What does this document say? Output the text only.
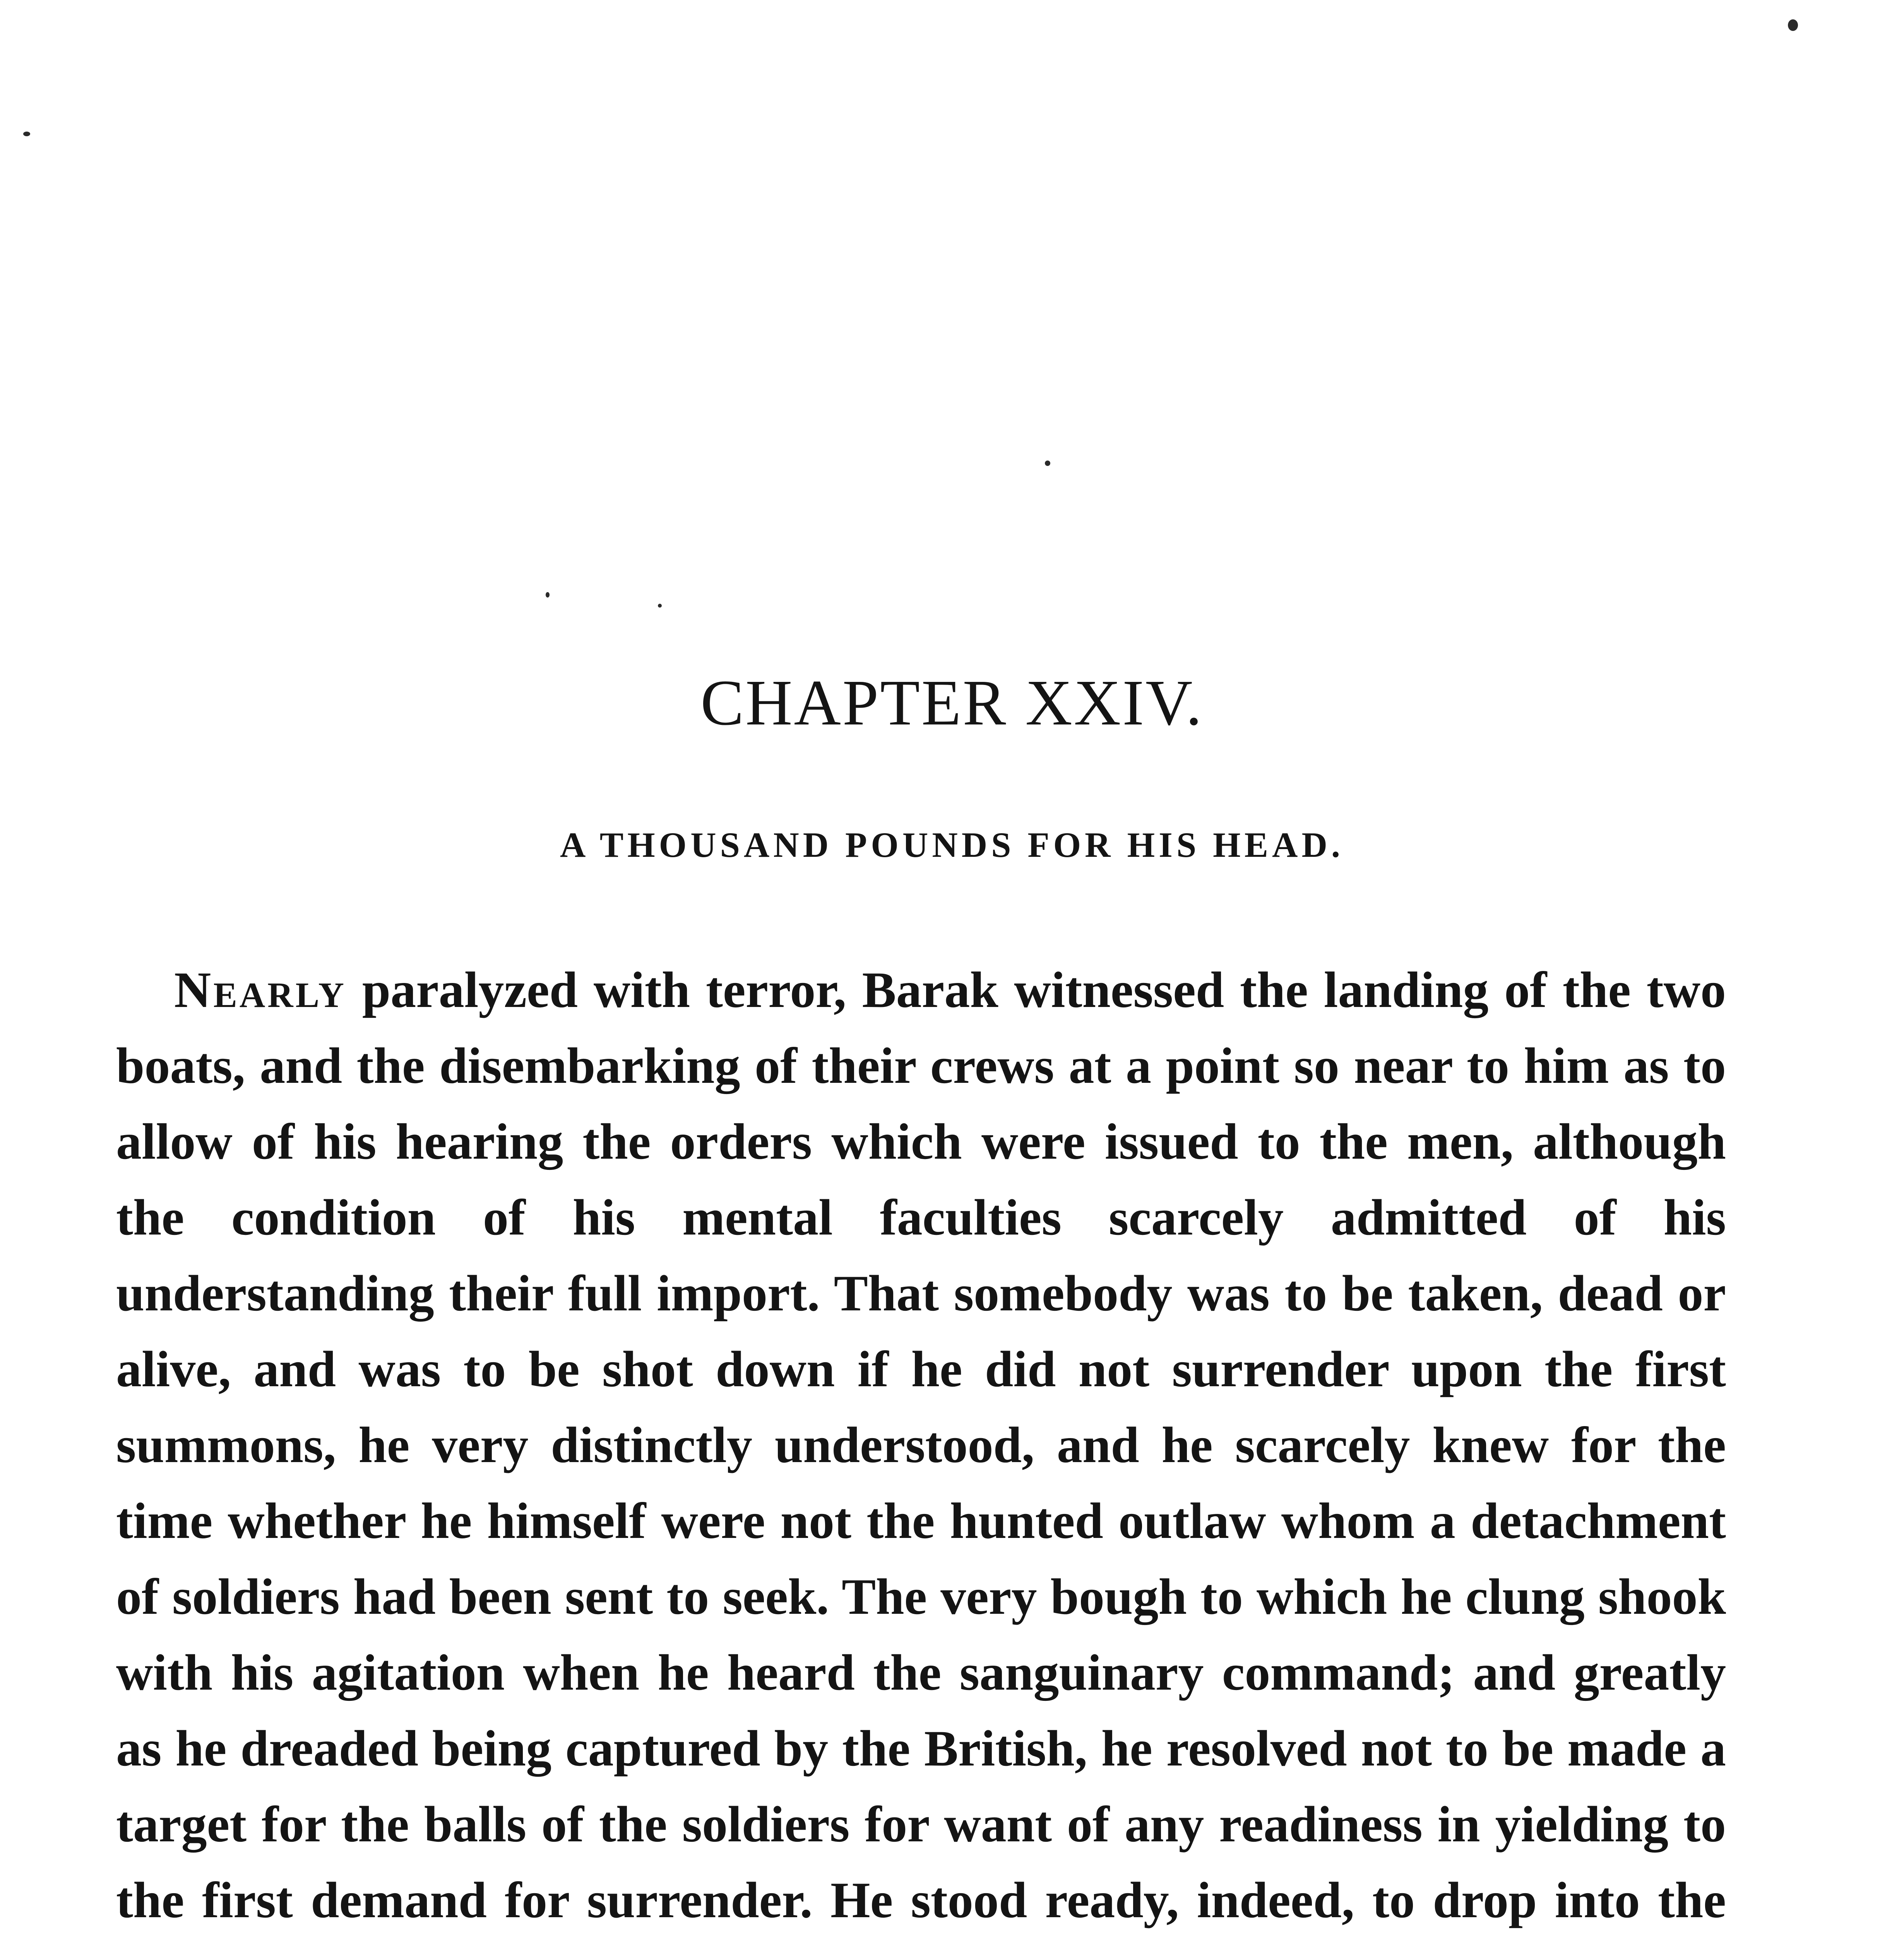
CHAPTER XXIV.
A THOUSAND POUNDS FOR HIS HEAD.

Nearly paralyzed with terror, Barak witnessed the landing of the two boats, and the disembarking of their crews at a point so near to him as to allow of his hearing the orders which were issued to the men, although the condition of his mental faculties scarcely admitted of his understanding their full import. That somebody was to be taken, dead or alive, and was to be shot down if he did not surrender upon the first summons, he very distinctly understood, and he scarcely knew for the time whether he himself were not the hunted outlaw whom a detachment of soldiers had been sent to seek. The very bough to which he clung shook with his agitation when he heard the sanguinary command; and greatly as he dreaded being captured by the British, he resolved not to be made a target for the balls of the soldiers for want of any readiness in yielding to the first demand for surrender. He stood ready, indeed, to drop into the
